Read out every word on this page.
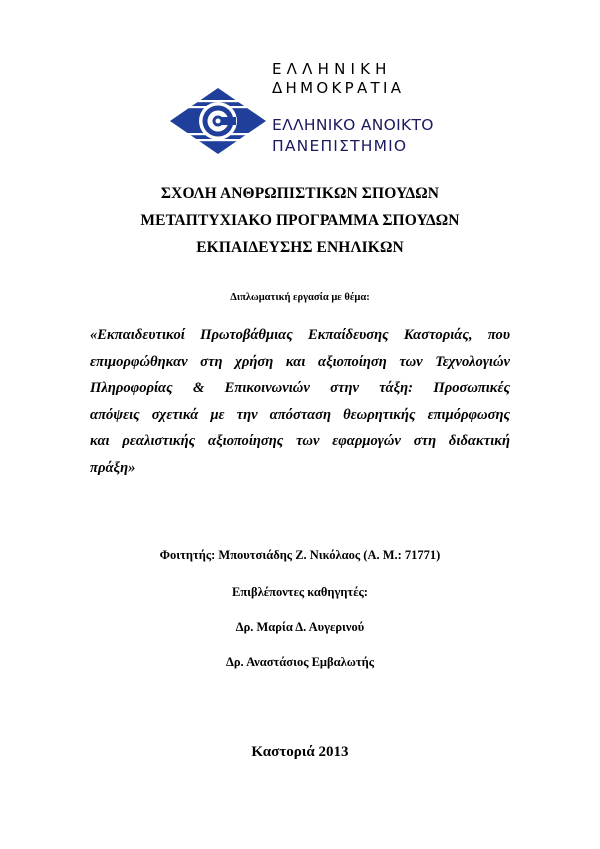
ΕΛΛΗΝΙΚΗ
ΔΗΜΟΚΡΑΤΙΑ
ΕΛΛΗΝΙΚΟ ΑΝΟΙΚΤΟ
ΠΑΝΕΠΙΣΤΗΜΙΟ
ΣΧΟΛΗ ΑΝΘΡΩΠΙΣΤΙΚΩΝ ΣΠΟΥΔΩΝ
ΜΕΤΑΠΤΥΧΙΑΚΟ ΠΡΟΓΡΑΜΜΑ ΣΠΟΥΔΩΝ
ΕΚΠΑΙΔΕΥΣΗΣ ΕΝΗΛΙΚΩΝ
Διπλωματική εργασία με θέμα:
«Εκπαιδευτικοί Πρωτοβάθμιας Εκπαίδευσης Καστοριάς, που
επιμορφώθηκαν στη χρήση και αξιοποίηση των Τεχνολογιών
Πληροφορίας & Επικοινωνιών στην τάξη: Προσωπικές
απόψεις σχετικά με την απόσταση θεωρητικής επιμόρφωσης
και ρεαλιστικής αξιοποίησης των εφαρμογών στη διδακτική
πράξη»
Φοιτητής: Μπουτσιάδης Ζ. Νικόλαος (Α. Μ.: 71771)
Επιβλέποντες καθηγητές:
Δρ. Μαρία Δ. Αυγερινού
Δρ. Αναστάσιος Εμβαλωτής
Καστοριά 2013
